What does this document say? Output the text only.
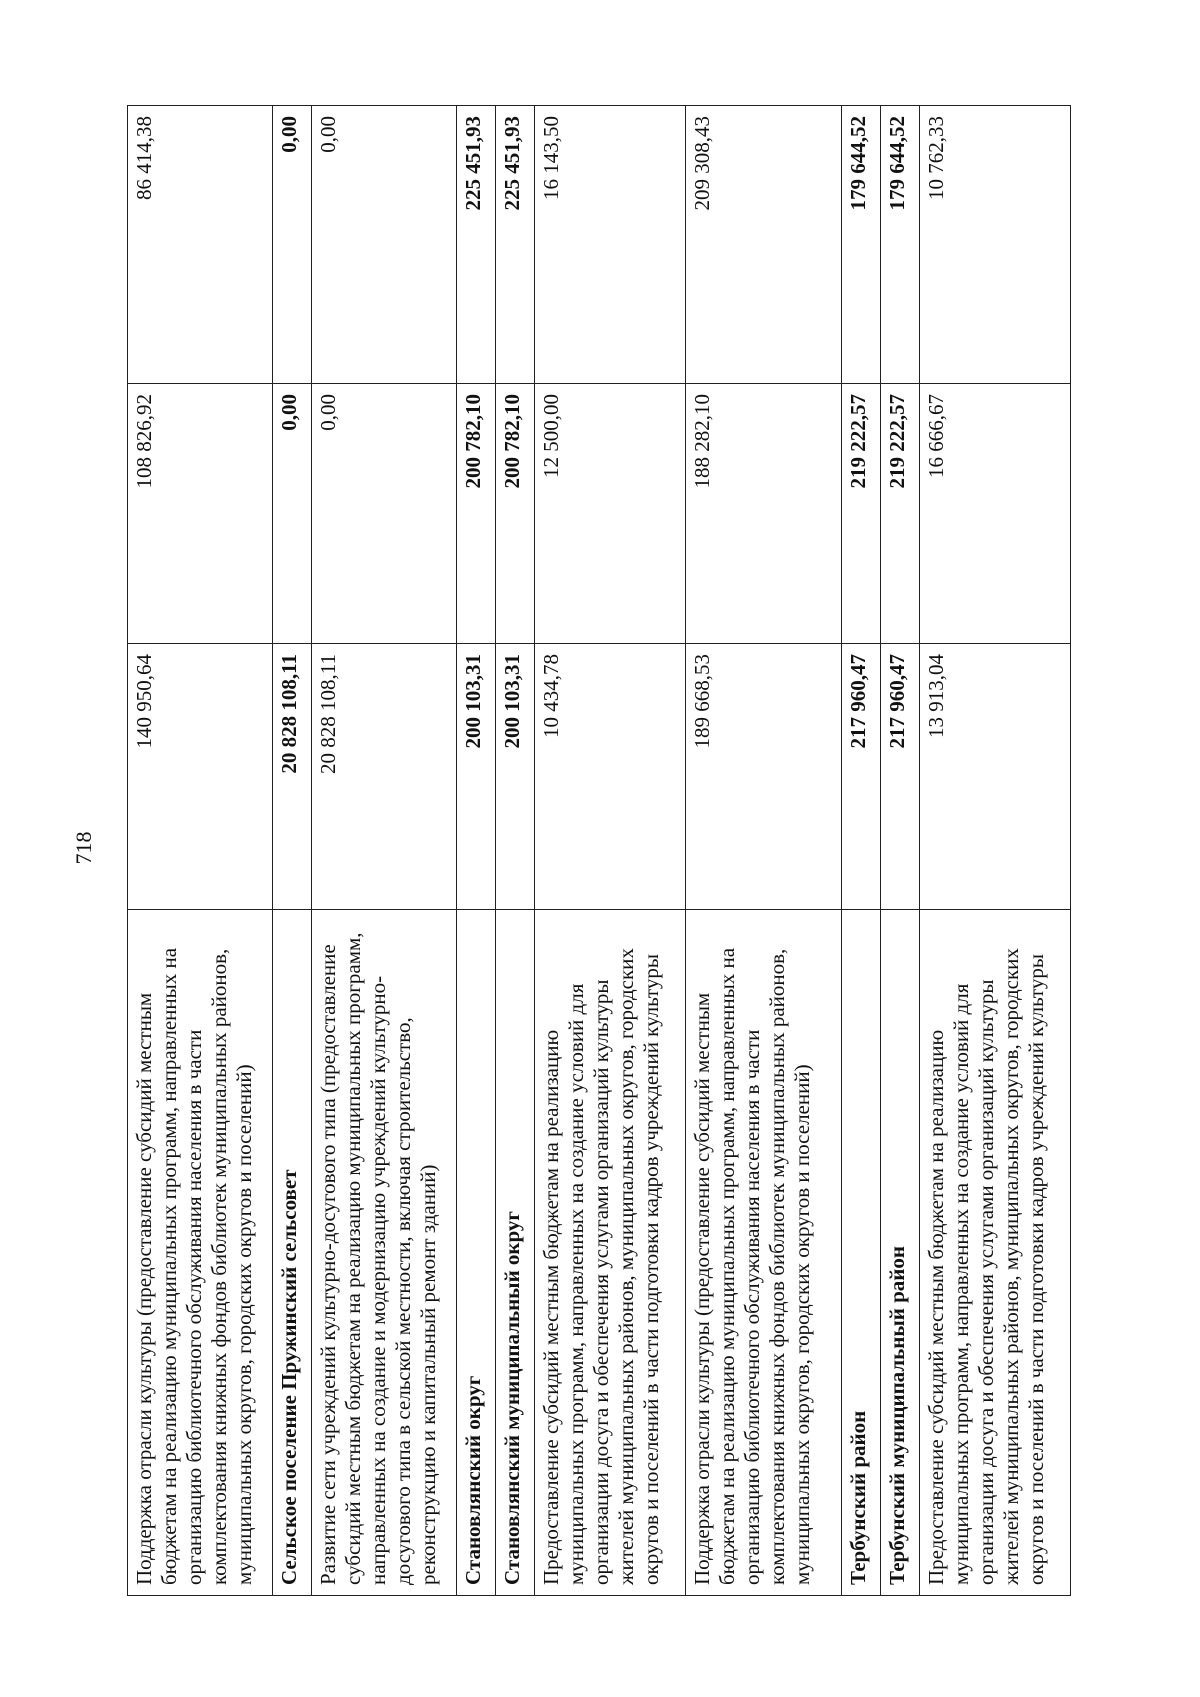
718
Поддержка отрасли культуры (предоставление субсидий местным бюджетам на реализацию муниципальных программ, направленных на организацию библиотечного обслуживания населения в части комплектования книжных фондов библиотек муниципальных районов, муниципальных округов, городских округов и поселений)	140 950,64	108 826,92	86 414,38
Сельское поселение Пружинский сельсовет	20 828 108,11	0,00	0,00
Развитие сети учреждений культурно-досугового типа (предоставление субсидий местным бюджетам на реализацию муниципальных программ, направленных на создание и модернизацию учреждений культурно-досугового типа в сельской местности, включая строительство, реконструкцию и капитальный ремонт зданий)	20 828 108,11	0,00	0,00
Становлянский округ	200 103,31	200 782,10	225 451,93
Становлянский муниципальный округ	200 103,31	200 782,10	225 451,93
Предоставление субсидий местным бюджетам на реализацию муниципальных программ, направленных на создание условий для организации досуга и обеспечения услугами организаций культуры жителей муниципальных районов, муниципальных округов, городских округов и поселений в части подготовки кадров учреждений культуры	10 434,78	12 500,00	16 143,50
Поддержка отрасли культуры (предоставление субсидий местным бюджетам на реализацию муниципальных программ, направленных на организацию библиотечного обслуживания населения в части комплектования книжных фондов библиотек муниципальных районов, муниципальных округов, городских округов и поселений)	189 668,53	188 282,10	209 308,43
Тербунский район	217 960,47	219 222,57	179 644,52
Тербунский муниципальный район	217 960,47	219 222,57	179 644,52
Предоставление субсидий местным бюджетам на реализацию муниципальных программ, направленных на создание условий для организации досуга и обеспечения услугами организаций культуры жителей муниципальных районов, муниципальных округов, городских округов и поселений в части подготовки кадров учреждений культуры	13 913,04	16 666,67	10 762,33
